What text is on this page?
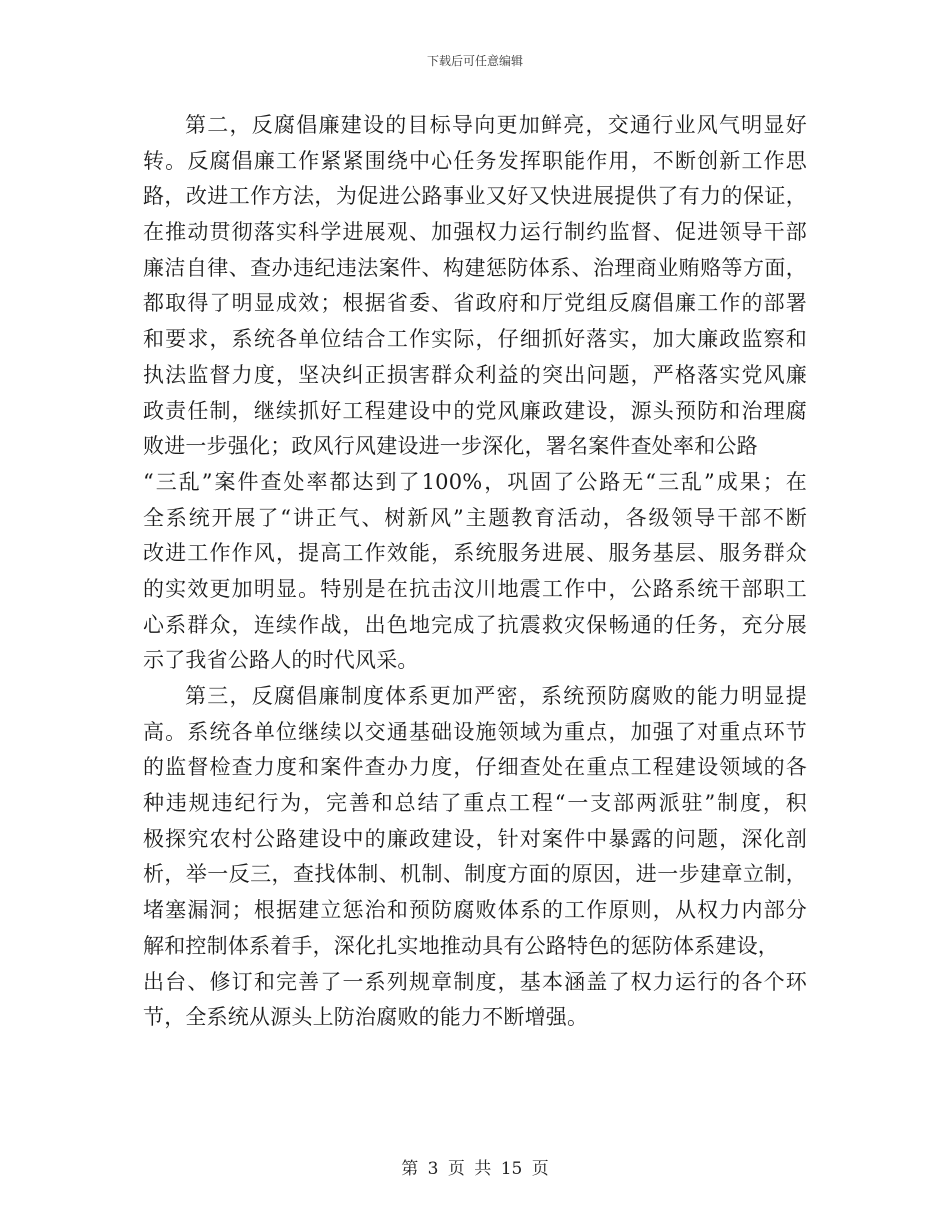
下载后可任意编辑
第二，反腐倡廉建设的目标导向更加鲜亮，交通行业风气明显好
转。反腐倡廉工作紧紧围绕中心任务发挥职能作用，不断创新工作思
路，改进工作方法，为促进公路事业又好又快进展提供了有力的保证，
在推动贯彻落实科学进展观、加强权力运行制约监督、促进领导干部
廉洁自律、查办违纪违法案件、构建惩防体系、治理商业贿赂等方面，
都取得了明显成效；根据省委、省政府和厅党组反腐倡廉工作的部署
和要求，系统各单位结合工作实际，仔细抓好落实，加大廉政监察和
执法监督力度，坚决纠正损害群众利益的突出问题，严格落实党风廉
政责任制，继续抓好工程建设中的党风廉政建设，源头预防和治理腐
败进一步强化；政风行风建设进一步深化，署名案件查处率和公路
“三乱”案件查处率都达到了100%，巩固了公路无“三乱”成果；在
全系统开展了“讲正气、树新风”主题教育活动，各级领导干部不断
改进工作作风，提高工作效能，系统服务进展、服务基层、服务群众
的实效更加明显。特别是在抗击汶川地震工作中，公路系统干部职工
心系群众，连续作战，出色地完成了抗震救灾保畅通的任务，充分展
示了我省公路人的时代风采。
第三，反腐倡廉制度体系更加严密，系统预防腐败的能力明显提
高。系统各单位继续以交通基础设施领域为重点，加强了对重点环节
的监督检查力度和案件查办力度，仔细查处在重点工程建设领域的各
种违规违纪行为，完善和总结了重点工程“一支部两派驻”制度，积
极探究农村公路建设中的廉政建设，针对案件中暴露的问题，深化剖
析，举一反三，查找体制、机制、制度方面的原因，进一步建章立制，
堵塞漏洞；根据建立惩治和预防腐败体系的工作原则，从权力内部分
解和控制体系着手，深化扎实地推动具有公路特色的惩防体系建设，
出台、修订和完善了一系列规章制度，基本涵盖了权力运行的各个环
节，全系统从源头上防治腐败的能力不断增强。
第 3 页 共 15 页
